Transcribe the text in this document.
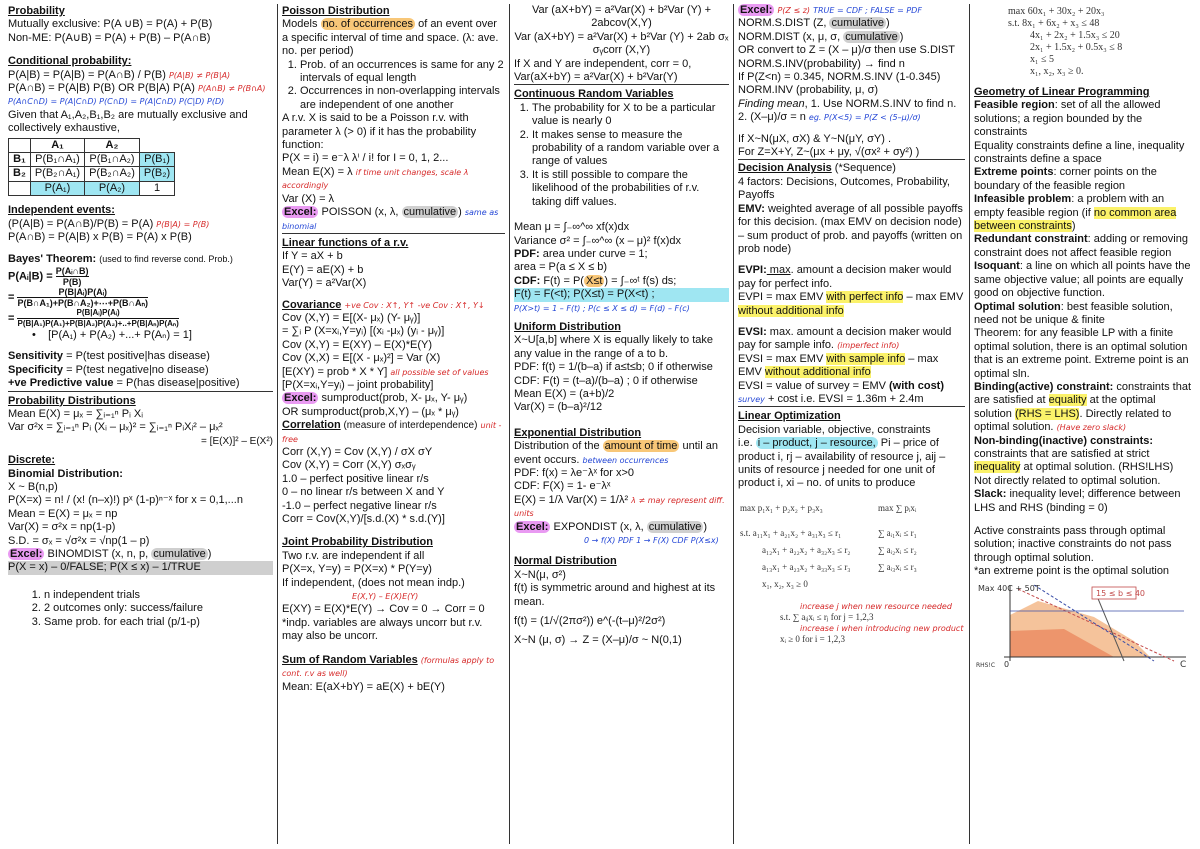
Probability
Mutually exclusive: P(A ∪B) = P(A) + P(B)
Non-ME: P(A∪B) = P(A) + P(B) – P(A∩B)
Conditional probability:
P(A|B) = P(A|B) = P(A∩B) / P(B) P(A|B) ≠ P(B|A)
P(A∩B) = P(A|B) P(B) OR P(B|A) P(A) P(A∩B) ≠ P(B∩A)
P(A∩C∩D) = P(A|C∩D) P(C∩D) = P(A|C∩D) P(C|D) P(D)
Given that A₁,A₂,B₁,B₂ are mutually exclusive and collectively exhaustive,
	A₁	A₂	
B₁	P(B₁∩A₁)	P(B₁∩A₂)	P(B₁)
B₂	P(B₂∩A₁)	P(B₂∩A₂)	P(B₂)
	P(A₁)	P(A₂)	1
Independent events:
(P(A|B) = P(A∩B)/P(B) = P(A) P(B|A) = P(B)
P(A∩B) = P(A|B) x P(B) = P(A) x P(B)
Bayes' Theorem: (used to find reverse cond. Prob.)
P(Aᵢ|B) = $\frac{\text{P(Aᵢ∩B)}}{P(B)}$
= $\frac{\text{P(B|Aᵢ)P(Aᵢ)}}{\text{P(B∩A₁)+P(B∩A₂)+⋯+P(B∩Aₙ)}}$
= $\frac{\text{P(B|Aᵢ)P(Aᵢ)}}{\text{P(B|A₁)P(A₁)+P(B|A₂)P(A₂)+..+P(B|Aₙ)P(Aₙ)}}$
•    [P(A₁) + P(A₂) +...+ P(Aₙ) = 1]
Sensitivity = P(test positive|has disease)
Specificity = P(test negative|no disease)
+ve Predictive value = P(has disease|positive)
Probability Distributions
Mean E(X) = μₓ = ∑ᵢ₌₁ⁿ Pᵢ Xᵢ
Var σ²x = ∑ᵢ₌₁ⁿ Pᵢ (Xᵢ – μₓ)² = ∑ᵢ₌₁ⁿ PᵢXᵢ² – μₓ²
= [E(X)]² – E(X²)
Discrete:
Binomial Distribution:
X ~ B(n,p)
P(X=x) = n! / (x! (n–x)!) pˣ (1-p)ⁿ⁻ˣ for x = 0,1,...n
Mean = E(X) = μₓ = np
Var(X) = σ²x = np(1-p)
S.D. = σₓ = √σ²x = √np(1 – p)
Excel: BINOMDIST (x, n, p, cumulative )
P(X = x) – 0/FALSE; P(X ≤ x) – 1/TRUE
1. n independent trials
2. 2 outcomes only: success/failure
3. Same prob. for each trial (p/1-p)
Poisson Distribution
Models no. of occurrences of an event over a specific interval of time and space. (λ: ave. no. per period)
1. Prob. of an occurrences is same for any 2 intervals of equal length
2. Occurrences in non-overlapping intervals are independent of one another
A r.v. X is said to be a Poisson r.v. with parameter λ (> 0) if it has the probability function:
P(X = i) = e⁻λ λⁱ / i! for I = 0, 1, 2...
Mean E(X) = λ if time unit changes, scale λ accordingly
Var (X) = λ
Excel: POISSON (x, λ, cumulative ) same as binomial
Linear functions of a r.v.
If Y = aX + b
E(Y) = aE(X) + b
Var(Y) = a²Var(X)
Covariance +ve Cov : X↑, Y↑ -ve Cov : X↑, Y↓
Cov (X,Y) = E[(X- μₓ) (Y- μᵧ)]
= ∑ᵢ P (X=xᵢ,Y=yᵢ) [(xᵢ -μₓ) (yᵢ - μᵧ)]
Cov (X,Y) = E(XY) – E(X)*E(Y)
Cov (X,X) = E[(X - μₓ)²] = Var (X)
[E(XY) = prob * X * Y] all possible set of values
[P(X=xᵢ,Y=yᵢ) – joint probability]
Excel: sumproduct(prob, X- μₓ, Y- μᵧ)
OR sumproduct(prob,X,Y) – (μₓ * μᵧ)
Correlation (measure of interdependence) unit - free
Corr (X,Y) = Cov (X,Y) / σX σY
Cov (X,Y) = Corr (X,Y) σₓσᵧ
1.0 – perfect positive linear r/s
0 – no linear r/s between X and Y
-1.0 – perfect negative linear r/s
Corr = Cov(X,Y)/[s.d.(X) * s.d.(Y)]
Joint Probability Distribution
Two r.v. are independent if all
P(X=x, Y=y) = P(X=x) * P(Y=y)
If independent, (does not mean indp.)
E(X,Y) – E(X)E(Y)
E(XY) = E(X)*E(Y) → Cov = 0 → Corr = 0
*indp. variables are always uncorr but r.v. may also be uncorr.
Sum of Random Variables (formulas apply to cont. r.v as well)
Mean: E(aX+bY) = aE(X) + bE(Y)
Var (aX+bY) = a²Var(X) + b²Var (Y) + 2abcov(X,Y)
Var (aX+bY) = a²Var(X) + b²Var (Y) + 2ab σₓ σᵧcorr (X,Y)
If X and Y are independent, corr = 0,
Var(aX+bY) = a²Var(X) + b²Var(Y)
Continuous Random Variables
1. The probability for X to be a particular value is nearly 0
2. It makes sense to measure the probability of a random variable over a range of values
3. It is still possible to compare the likelihood of the probabilities of r.v. taking diff values.
Mean μ = ∫₋∞^∞ xf(x)dx
Variance σ² = ∫₋∞^∞ (x – μ)² f(x)dx
PDF: area under curve = 1;
area = P(a ≤ X ≤ b)
CDF: F(t) = P( X≤t ) = ∫₋∞ᵗ f(s) ds;
F(t) = F(<t); P(X≤t) = P(X<t) ;
P(X>t) = 1 – F(t) ; P(c ≤ X ≤ d) = F(d) – F(c)
Uniform Distribution
X~U[a,b] where X is equally likely to take any value in the range of a to b.
PDF: f(t) = 1/(b–a) if a≤t≤b; 0 if otherwise
CDF: F(t) = (t–a)/(b–a) ; 0 if otherwise
Mean E(X) = (a+b)/2
Var(X) = (b–a)²/12
Exponential Distribution
Distribution of the amount of time until an event occurs. between occurrences
PDF: f(x) = λe⁻λˣ for x>0
CDF: F(X) = 1- e⁻λˣ
E(X) = 1/λ Var(X) = 1/λ² λ ≠ may represent diff. units
Excel: EXPONDIST (x, λ, cumulative )
0 → f(X) PDF 1 → F(X) CDF P(X≤x)
Normal Distribution
X~N(μ, σ²)
f(t) is symmetric around and highest at its mean.
f(t) = (1/√(2πσ²)) e^(-(t–μ)²/2σ²)
X~N (μ, σ) → Z = (X–μ)/σ ~ N(0,1)
Excel: P(Z ≤ z) TRUE = CDF ; FALSE = PDF
NORM.S.DIST (Z, cumulative )
NORM.DIST (x, μ, σ, cumulative )
OR convert to Z = (X – μ)/σ then use S.DIST
NORM.S.INV(probability) → find n
If P(Z<n) = 0.345, NORM.S.INV (1-0.345)
NORM.INV (probability, μ, σ)
Finding mean, 1. Use NORM.S.INV to find n. 2. (X–μ)/σ = n eg. P(X<5) = P(Z < (5–μ)/σ)
If X~N(μX, σX) & Y~N(μY, σY) .
For Z=X+Y, Z~(μx + μy, √(σx² + σy²) )
Decision Analysis (*Sequence)
4 factors: Decisions, Outcomes, Probability, Payoffs
EMV: weighted average of all possible payoffs for this decision. (max EMV on decision node) – sum product of prob. and payoffs (written on prob node)
EVPI: max. amount a decision maker would pay for perfect info.
EVPI = max EMV with perfect info – max EMV without additional info
EVSI: max. amount a decision maker would pay for sample info. (imperfect info)
EVSI = max EMV with sample info – max EMV without additional info
EVSI = value of survey = EMV (with cost) survey + cost i.e. EVSI = 1.36m + 2.4m
Linear Optimization
Decision variable, objective, constraints
i.e. i – product, j – resource, Pi – price of product i, rj – availability of resource j, aij – units of resource j needed for one unit of product i, xi – no. of units to produce
max p₁x₁ + p₂x₂ + p₃x₃
s.t. a₁₁x₁ + a₂₁x₂ + a₃₁x₃ ≤ r₁
a₁₂x₁ + a₂₂x₂ + a₃₂x₃ ≤ r₂
a₁₃x₁ + a₂₃x₂ + a₃₃x₃ ≤ r₃
x₁, x₂, x₃ ≥ 0
max ∑ pᵢxᵢ
∑ aᵢ₁xᵢ ≤ r₁
∑ aᵢ₂xᵢ ≤ r₂
∑ aᵢ₃xᵢ ≤ r₃
increase j when new resource needed
s.t. ∑ aᵢⱼxᵢ ≤ rⱼ for j = 1,2,3
increase i when introducing new product
xᵢ ≥ 0 for i = 1,2,3
max 60x₁ + 30x₂ + 20x₃
s.t. 8x₁ + 6x₂ + x₃ ≤ 48
4x₁ + 2x₂ + 1.5x₃ ≤ 20
2x₁ + 1.5x₂ + 0.5x₃ ≤ 8
x₁ ≤ 5
x₁, x₂, x₃ ≥ 0.
Geometry of Linear Programming
Feasible region: set of all the allowed solutions; a region bounded by the constraints
Equality constraints define a line, inequality constraints define a space
Extreme points: corner points on the boundary of the feasible region
Infeasible problem: a problem with an empty feasible region (if no common area between constraints)
Redundant constraint: adding or removing constraint does not affect feasible region
Isoquant: a line on which all points have the same objective value; all points are equally good on objective function.
Optimal solution: best feasible solution, need not be unique & finite
Theorem: for any feasible LP with a finite optimal solution, there is an optimal solution that is an extreme point. Extreme point is an optimal sln.
Binding(active) constraint: constraints that are satisfied at equality at the optimal solution (RHS = LHS). Directly related to optimal solution. (Have zero slack)
Non-binding(inactive) constraints: constraints that are satisfied at strict inequality at optimal solution. (RHS!LHS) Not directly related to optimal solution.
Slack: inequality level; difference between LHS and RHS (binding = 0)
Active constraints pass through optimal solution; inactive constraints do not pass through optimal solution.
*an extreme point is the optimal solution
15 ≤ b ≤ 40
Max 40C + 50T
C
0
RHS!C
